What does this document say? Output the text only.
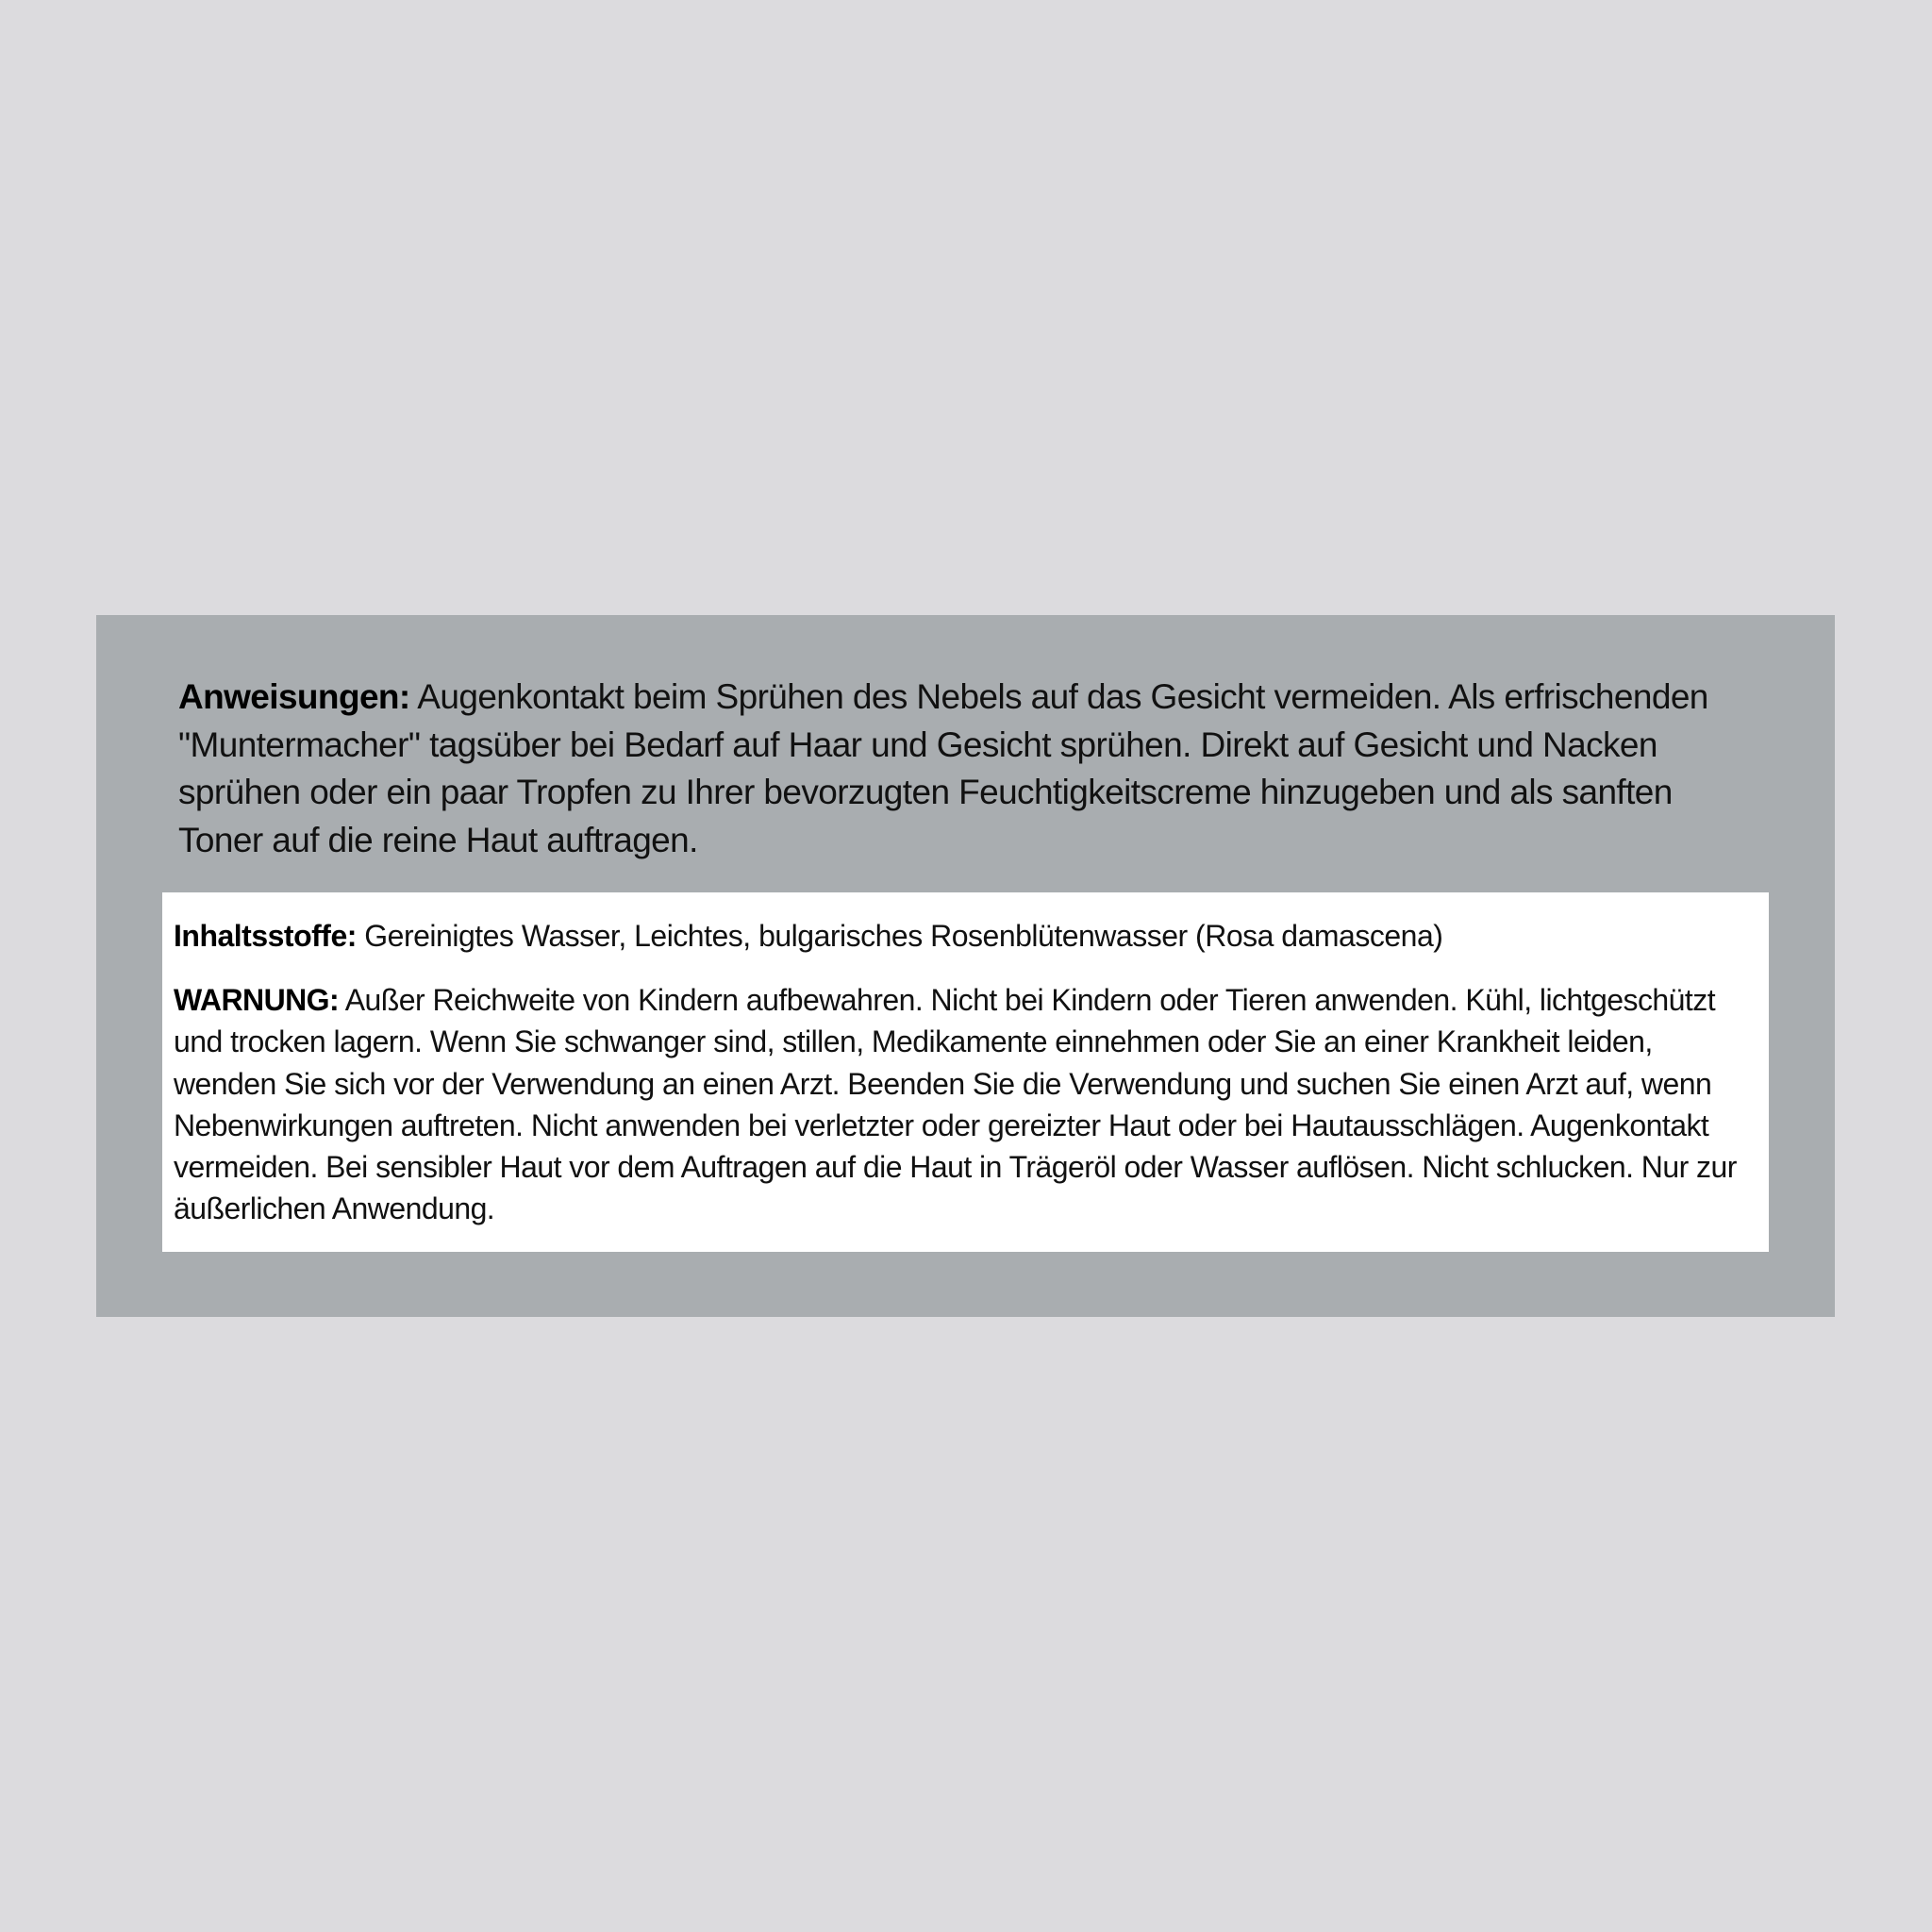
Anweisungen: Augenkontakt beim Sprühen des Nebels auf das Gesicht vermeiden. Als erfrischenden "Muntermacher" tagsüber bei Bedarf auf Haar und Gesicht sprühen. Direkt auf Gesicht und Nacken sprühen oder ein paar Tropfen zu Ihrer bevorzugten Feuchtigkeitscreme hinzugeben und als sanften Toner auf die reine Haut auftragen.

Inhaltsstoffe: Gereinigtes Wasser, Leichtes, bulgarisches Rosenblütenwasser (Rosa damascena)

WARNUNG: Außer Reichweite von Kindern aufbewahren. Nicht bei Kindern oder Tieren anwenden. Kühl, lichtgeschützt und trocken lagern. Wenn Sie schwanger sind, stillen, Medikamente einnehmen oder Sie an einer Krankheit leiden, wenden Sie sich vor der Verwendung an einen Arzt. Beenden Sie die Verwendung und suchen Sie einen Arzt auf, wenn Nebenwirkungen auftreten. Nicht anwenden bei verletzter oder gereizter Haut oder bei Hautausschlägen. Augenkontakt vermeiden. Bei sensibler Haut vor dem Auftragen auf die Haut in Trägeröl oder Wasser auflösen. Nicht schlucken. Nur zur äußerlichen Anwendung.
